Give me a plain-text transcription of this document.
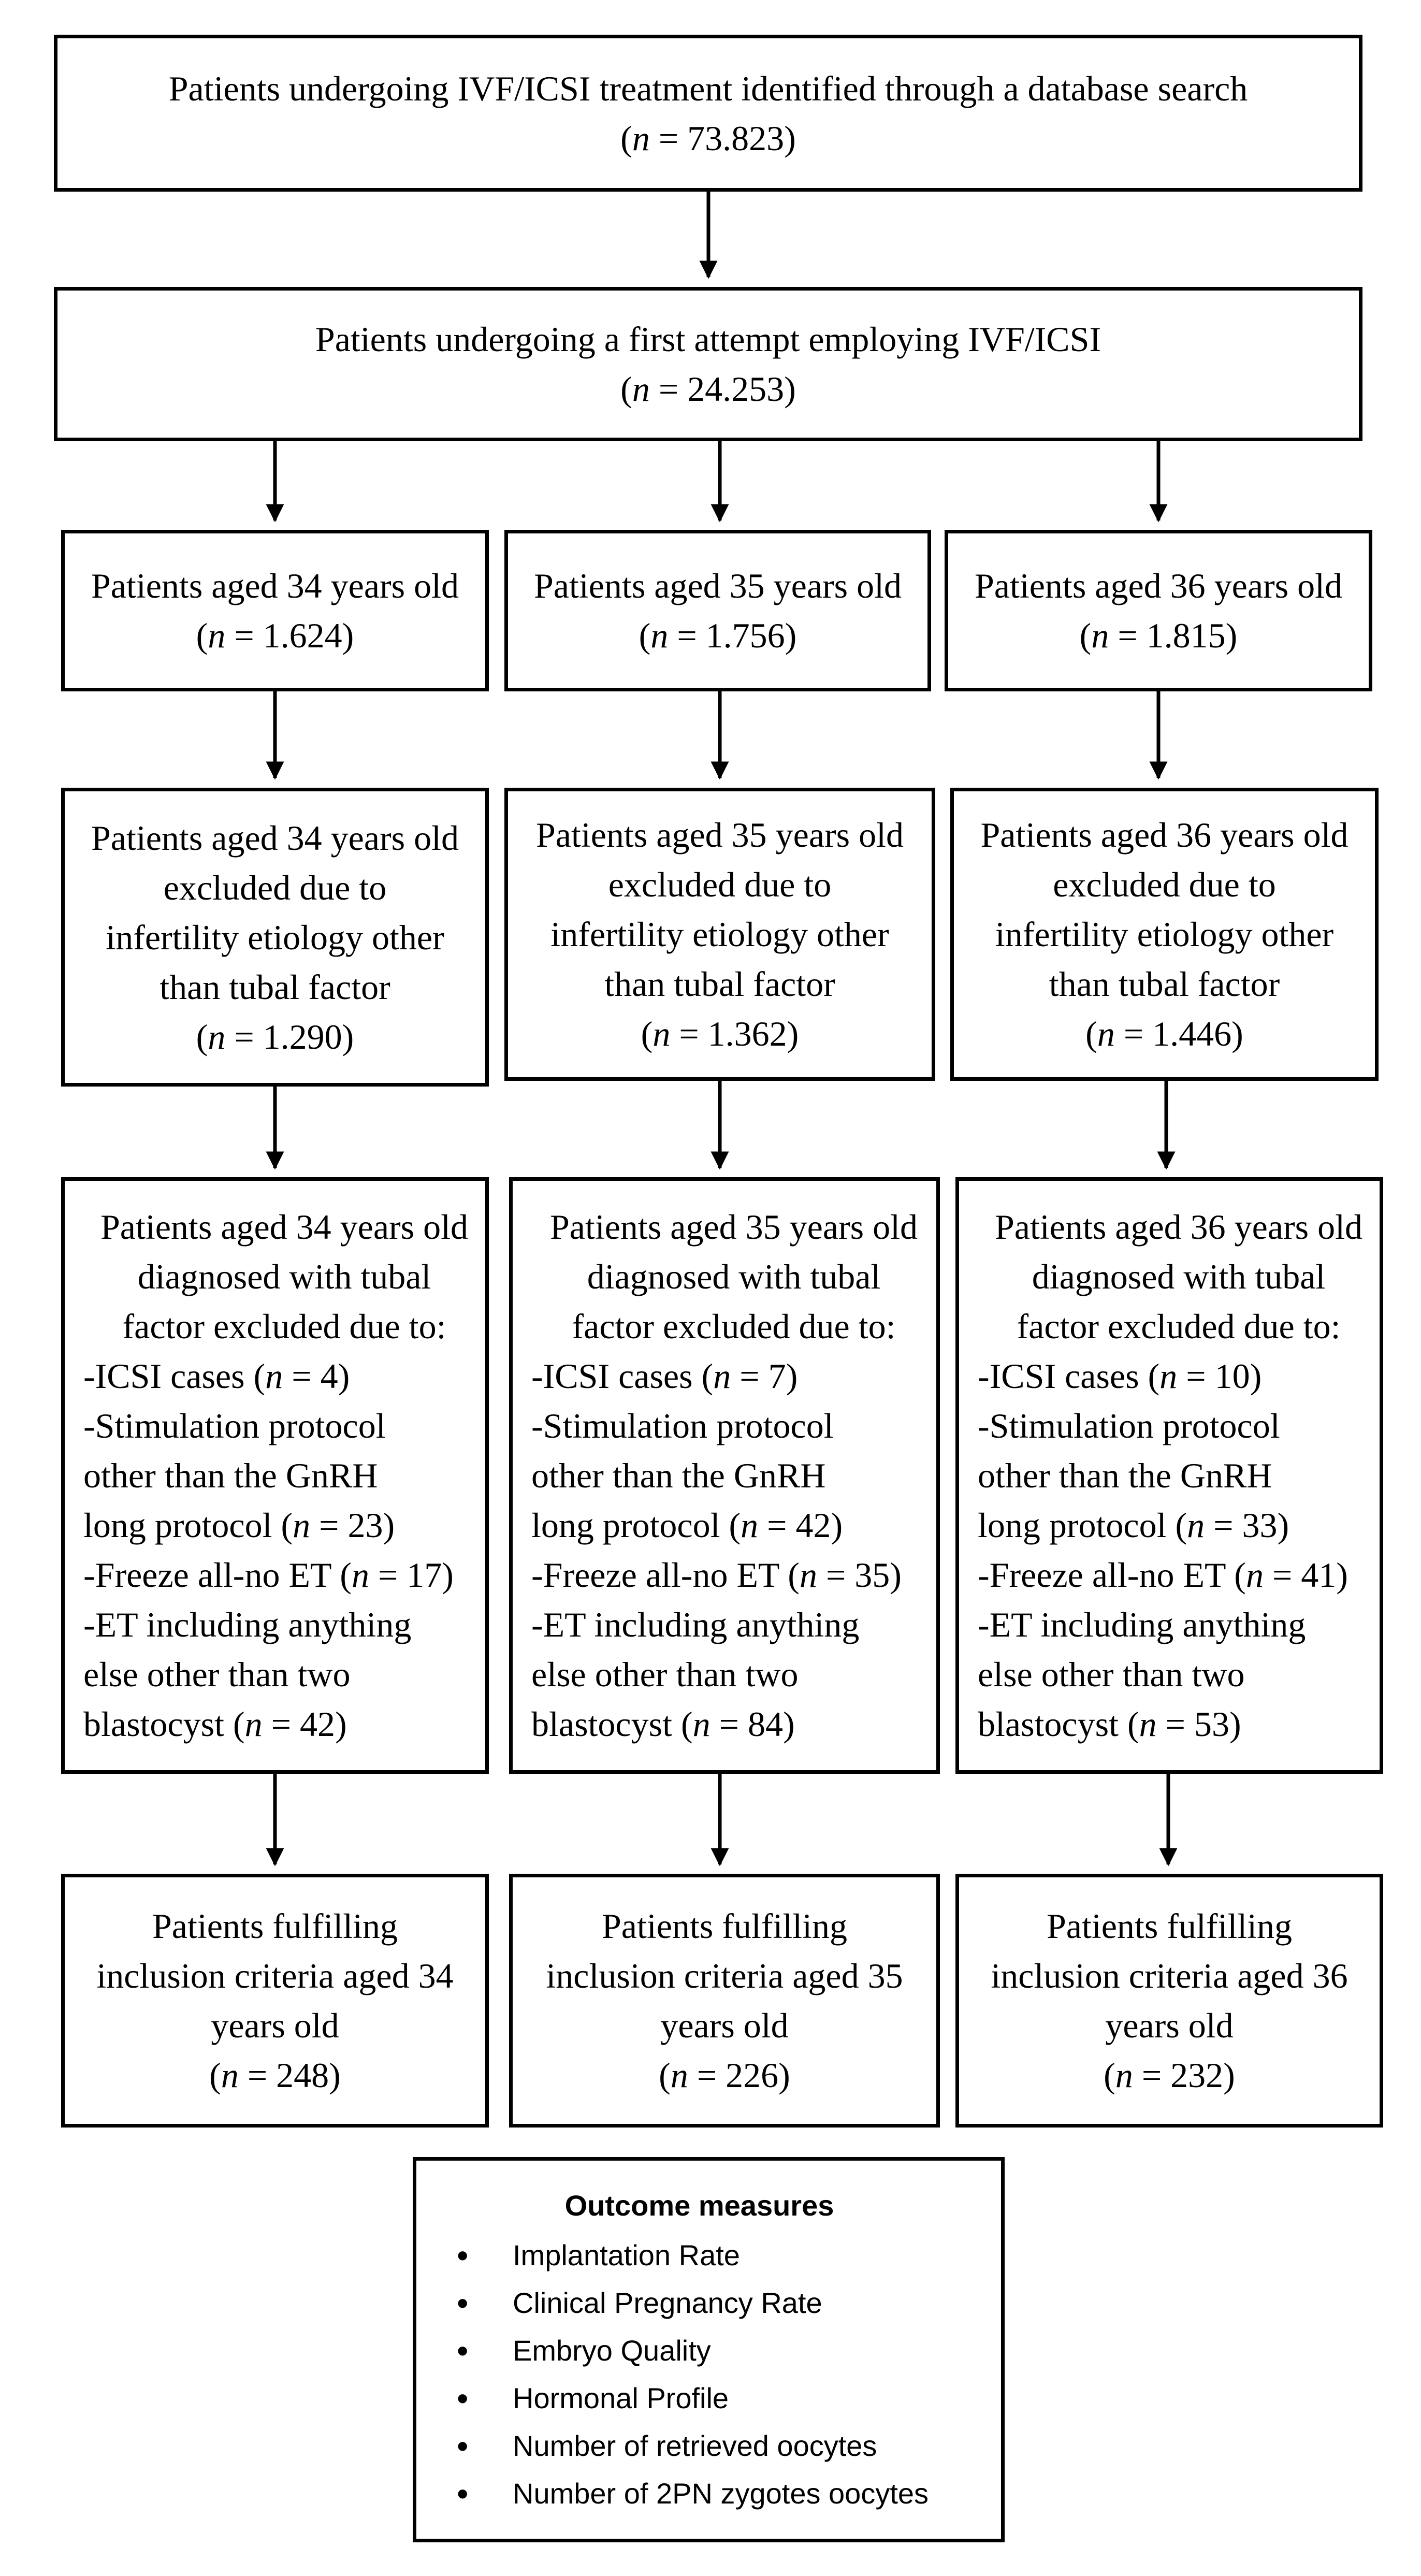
Patients undergoing IVF/ICSI treatment identified through a database search
(n = 73.823)
Patients undergoing a first attempt employing IVF/ICSI
(n = 24.253)
Patients aged 34 years old
(n = 1.624)
Patients aged 35 years old
(n = 1.756)
Patients aged 36 years old
(n = 1.815)
Patients aged 34 years old
excluded due to
infertility etiology other
than tubal factor
(n = 1.290)
Patients aged 35 years old
excluded due to
infertility etiology other
than tubal factor
(n = 1.362)
Patients aged 36 years old
excluded due to
infertility etiology other
than tubal factor
(n = 1.446)
Patients aged 34 years old
diagnosed with tubal
factor excluded due to:
-ICSI cases (n = 4)
-Stimulation protocol
other than the GnRH
long protocol (n = 23)
-Freeze all-no ET (n = 17)
-ET including anything
else other than two
blastocyst (n = 42)
Patients aged 35 years old
diagnosed with tubal
factor excluded due to:
-ICSI cases (n = 7)
-Stimulation protocol
other than the GnRH
long protocol (n = 42)
-Freeze all-no ET (n = 35)
-ET including anything
else other than two
blastocyst (n = 84)
Patients aged 36 years old
diagnosed with tubal
factor excluded due to:
-ICSI cases (n = 10)
-Stimulation protocol
other than the GnRH
long protocol (n = 33)
-Freeze all-no ET (n = 41)
-ET including anything
else other than two
blastocyst (n = 53)
Patients fulfilling
inclusion criteria aged 34
years old
(n = 248)
Patients fulfilling
inclusion criteria aged 35
years old
(n = 226)
Patients fulfilling
inclusion criteria aged 36
years old
(n = 232)
Outcome measures
• Implantation Rate
• Clinical Pregnancy Rate
• Embryo Quality
• Hormonal Profile
• Number of retrieved oocytes
• Number of 2PN zygotes oocytes
